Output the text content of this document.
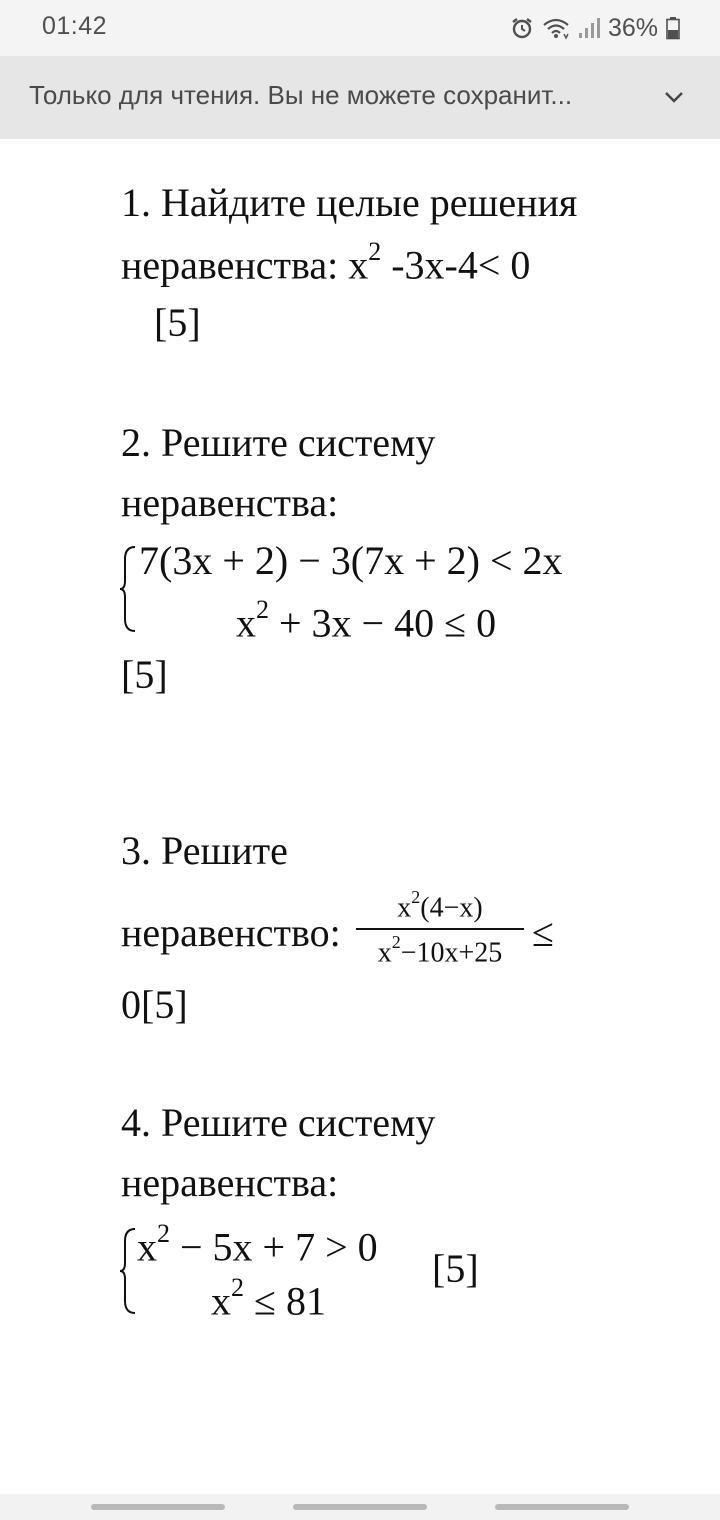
01:42	36%
Только для чтения. Вы не можете сохранит...
1. Найдите целые решения
неравенства: $x^2$ -3x-4< 0
[5]
2. Решите систему
неравенства:
7(3x + 2) − 3(7x + 2) < 2x
$x^2 + 3x - 40 \le 0$
[5]
3. Решите
неравенство:
$x^2(4-x)$
$x^2-10x+25$ ≤
0[5]
4. Решите систему
неравенства:
$x^2 - 5x + 7 > 0$
$x^2 \le 81$
[5]
